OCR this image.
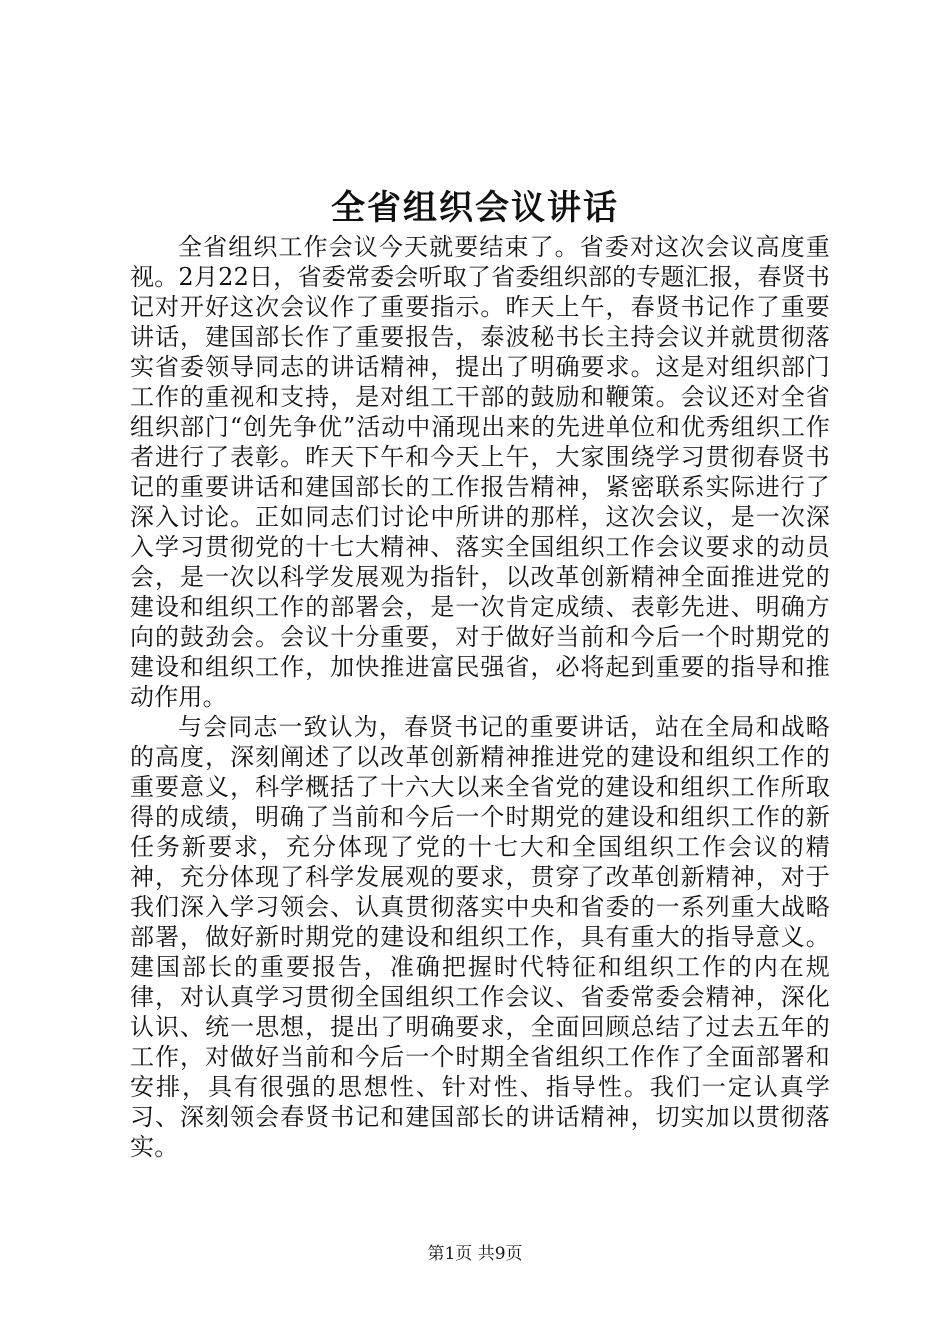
全省组织会议讲话

全省组织工作会议今天就要结束了。省委对这次会议高度重视。2月22日，省委常委会听取了省委组织部的专题汇报，春贤书记对开好这次会议作了重要指示。昨天上午，春贤书记作了重要讲话，建国部长作了重要报告，泰波秘书长主持会议并就贯彻落实省委领导同志的讲话精神，提出了明确要求。这是对组织部门工作的重视和支持，是对组工干部的鼓励和鞭策。会议还对全省组织部门“创先争优”活动中涌现出来的先进单位和优秀组织工作者进行了表彰。昨天下午和今天上午，大家围绕学习贯彻春贤书记的重要讲话和建国部长的工作报告精神，紧密联系实际进行了深入讨论。正如同志们讨论中所讲的那样，这次会议，是一次深入学习贯彻党的十七大精神、落实全国组织工作会议要求的动员会，是一次以科学发展观为指针，以改革创新精神全面推进党的建设和组织工作的部署会，是一次肯定成绩、表彰先进、明确方向的鼓劲会。会议十分重要，对于做好当前和今后一个时期党的建设和组织工作，加快推进富民强省，必将起到重要的指导和推动作用。

与会同志一致认为，春贤书记的重要讲话，站在全局和战略的高度，深刻阐述了以改革创新精神推进党的建设和组织工作的重要意义，科学概括了十六大以来全省党的建设和组织工作所取得的成绩，明确了当前和今后一个时期党的建设和组织工作的新任务新要求，充分体现了党的十七大和全国组织工作会议的精神，充分体现了科学发展观的要求，贯穿了改革创新精神，对于我们深入学习领会、认真贯彻落实中央和省委的一系列重大战略部署，做好新时期党的建设和组织工作，具有重大的指导意义。建国部长的重要报告，准确把握时代特征和组织工作的内在规律，对认真学习贯彻全国组织工作会议、省委常委会精神，深化认识、统一思想，提出了明确要求，全面回顾总结了过去五年的工作，对做好当前和今后一个时期全省组织工作作了全面部署和安排，具有很强的思想性、针对性、指导性。我们一定认真学习、深刻领会春贤书记和建国部长的讲话精神，切实加以贯彻落实。

第1页 共9页
